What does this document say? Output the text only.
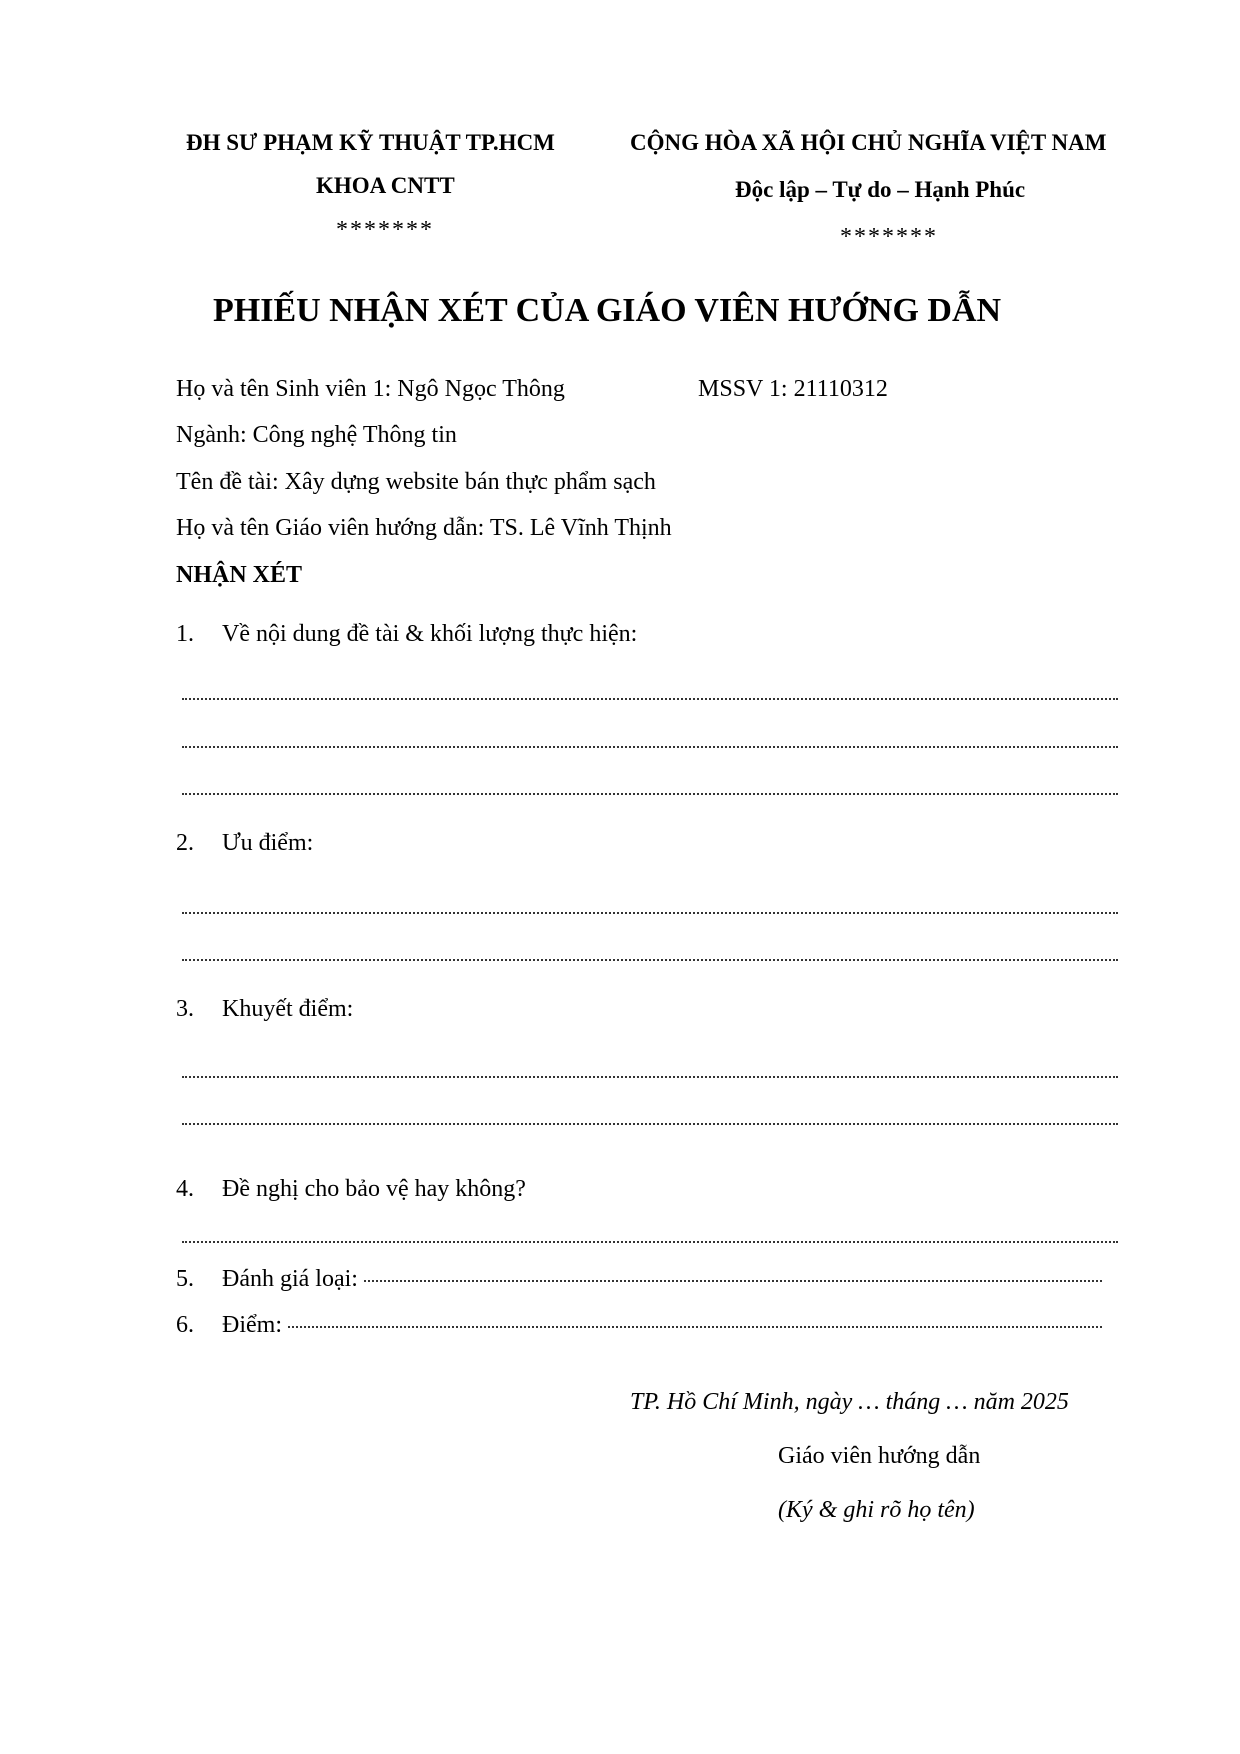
ĐH SƯ PHẠM KỸ THUẬT TP.HCM
KHOA CNTT
*******
CỘNG HÒA XÃ HỘI CHỦ NGHĨA VIỆT NAM
Độc lập – Tự do – Hạnh Phúc
*******
PHIẾU NHẬN XÉT CỦA GIÁO VIÊN HƯỚNG DẪN
Họ và tên Sinh viên 1: Ngô Ngọc Thông	MSSV 1: 21110312
Ngành: Công nghệ Thông tin
Tên đề tài: Xây dựng website bán thực phẩm sạch
Họ và tên Giáo viên hướng dẫn: TS. Lê Vĩnh Thịnh
NHẬN XÉT
1. Về nội dung đề tài & khối lượng thực hiện:
2. Ưu điểm:
3. Khuyết điểm:
4. Đề nghị cho bảo vệ hay không?
5.	Đánh giá loại:
6.	Điểm:
TP. Hồ Chí Minh, ngày … tháng … năm 2025
Giáo viên hướng dẫn
(Ký & ghi rõ họ tên)
